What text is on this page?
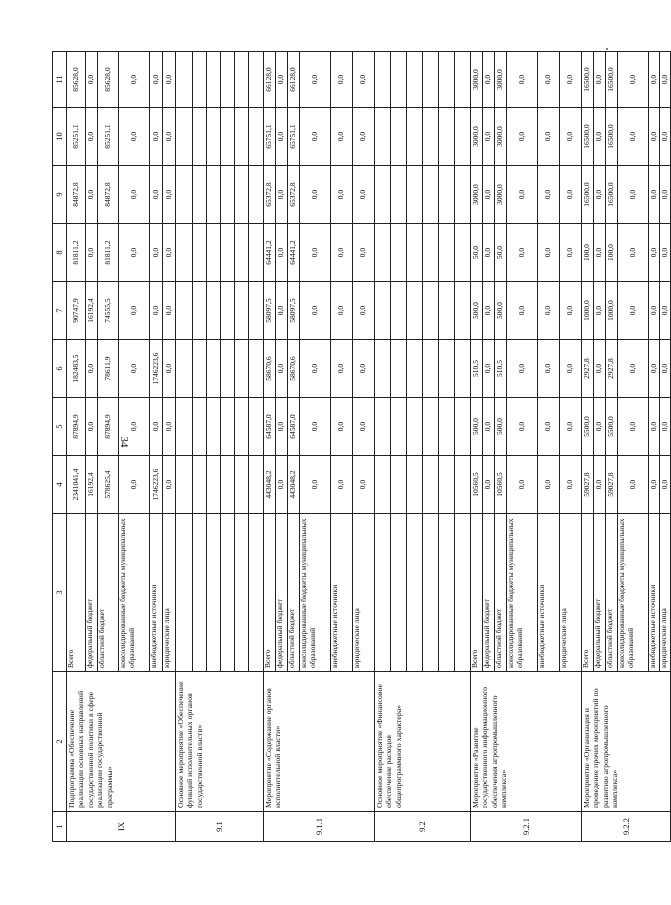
34
1	2	3	4	5	6	7	8	9	10	11
IX	Подпрограмма «Обеспечение реализации основных направлений государственной политики в сфере реализации государственной программы»	Всего	2341041,4	87894,9	182483,5	90747,9	81811,2	84872,8	85251,1	85628,0
		федеральный бюджет	16192,4	0,0	0,0	16192,4	0,0	0,0	0,0	0,0
		областной бюджет	578625,4	87894,9	78611,9	74555,5	81811,2	84872,8	85251,1	85628,0
		консолидированные бюджеты муниципальных образований	0,0	0,0	0,0	0,0	0,0	0,0	0,0	0,0
		внебюджетные источники	1746223,6	0,0	1746223,6	0,0	0,0	0,0	0,0	0,0
		юридические лица	0,0	0,0	0,0	0,0	0,0	0,0	0,0	0,0
9.1	Основное мероприятие «Обеспечение функций исполнительных органов государственной власти»									

9.1.1	Мероприятие «Содержание органов исполнительной власти»	Всего	443048,2	64587,0	58670,6	58097,5	64441,2	65372,8	65751,1	66128,0
		федеральный бюджет	0,0	0,0	0,0	0,0	0,0	0,0	0,0	0,0
		областной бюджет	443048,2	64587,0	58670,6	58097,5	64441,2	65372,8	65751,1	66128,0
		консолидированные бюджеты муниципальных образований	0,0	0,0	0,0	0,0	0,0	0,0	0,0	0,0
		внебюджетные источники	0,0	0,0	0,0	0,0	0,0	0,0	0,0	0,0
		юридические лица	0,0	0,0	0,0	0,0	0,0	0,0	0,0	0,0
9.2	Основное мероприятие «Финансовое обеспечение расходов общепрограммного характера»									

9.2.1	Мероприятие «Развитие государственного информационного обеспечения агропромышленного комплекса»	Всего	10560,5	500,0	510,5	500,0	50,0	3000,0	3000,0	3000,0
		федеральный бюджет	0,0	0,0	0,0	0,0	0,0	0,0	0,0	0,0
		областной бюджет	10560,5	500,0	510,5	500,0	50,0	3000,0	3000,0	3000,0
		консолидированные бюджеты муниципальных образований	0,0	0,0	0,0	0,0	0,0	0,0	0,0	0,0
		внебюджетные источники	0,0	0,0	0,0	0,0	0,0	0,0	0,0	0,0
		юридические лица	0,0	0,0	0,0	0,0	0,0	0,0	0,0	0,0
9.2.2	Мероприятие «Организация и проведение прочих мероприятий по развитию агропромышленного комплекса»	Всего	59027,8	5500,0	2927,8	1000,0	100,0	16500,0	16500,0	16500,0
		федеральный бюджет	0,0	0,0	0,0	0,0	0,0	0,0	0,0	0,0
		областной бюджет	59027,8	5500,0	2927,8	1000,0	100,0	16500,0	16500,0	16500,0
		консолидированные бюджеты муниципальных образований	0,0	0,0	0,0	0,0	0,0	0,0	0,0	0,0
		внебюджетные источники	0,0	0,0	0,0	0,0	0,0	0,0	0,0	0,0
		юридические лица	0,0	0,0	0,0	0,0	0,0	0,0	0,0	0,0
